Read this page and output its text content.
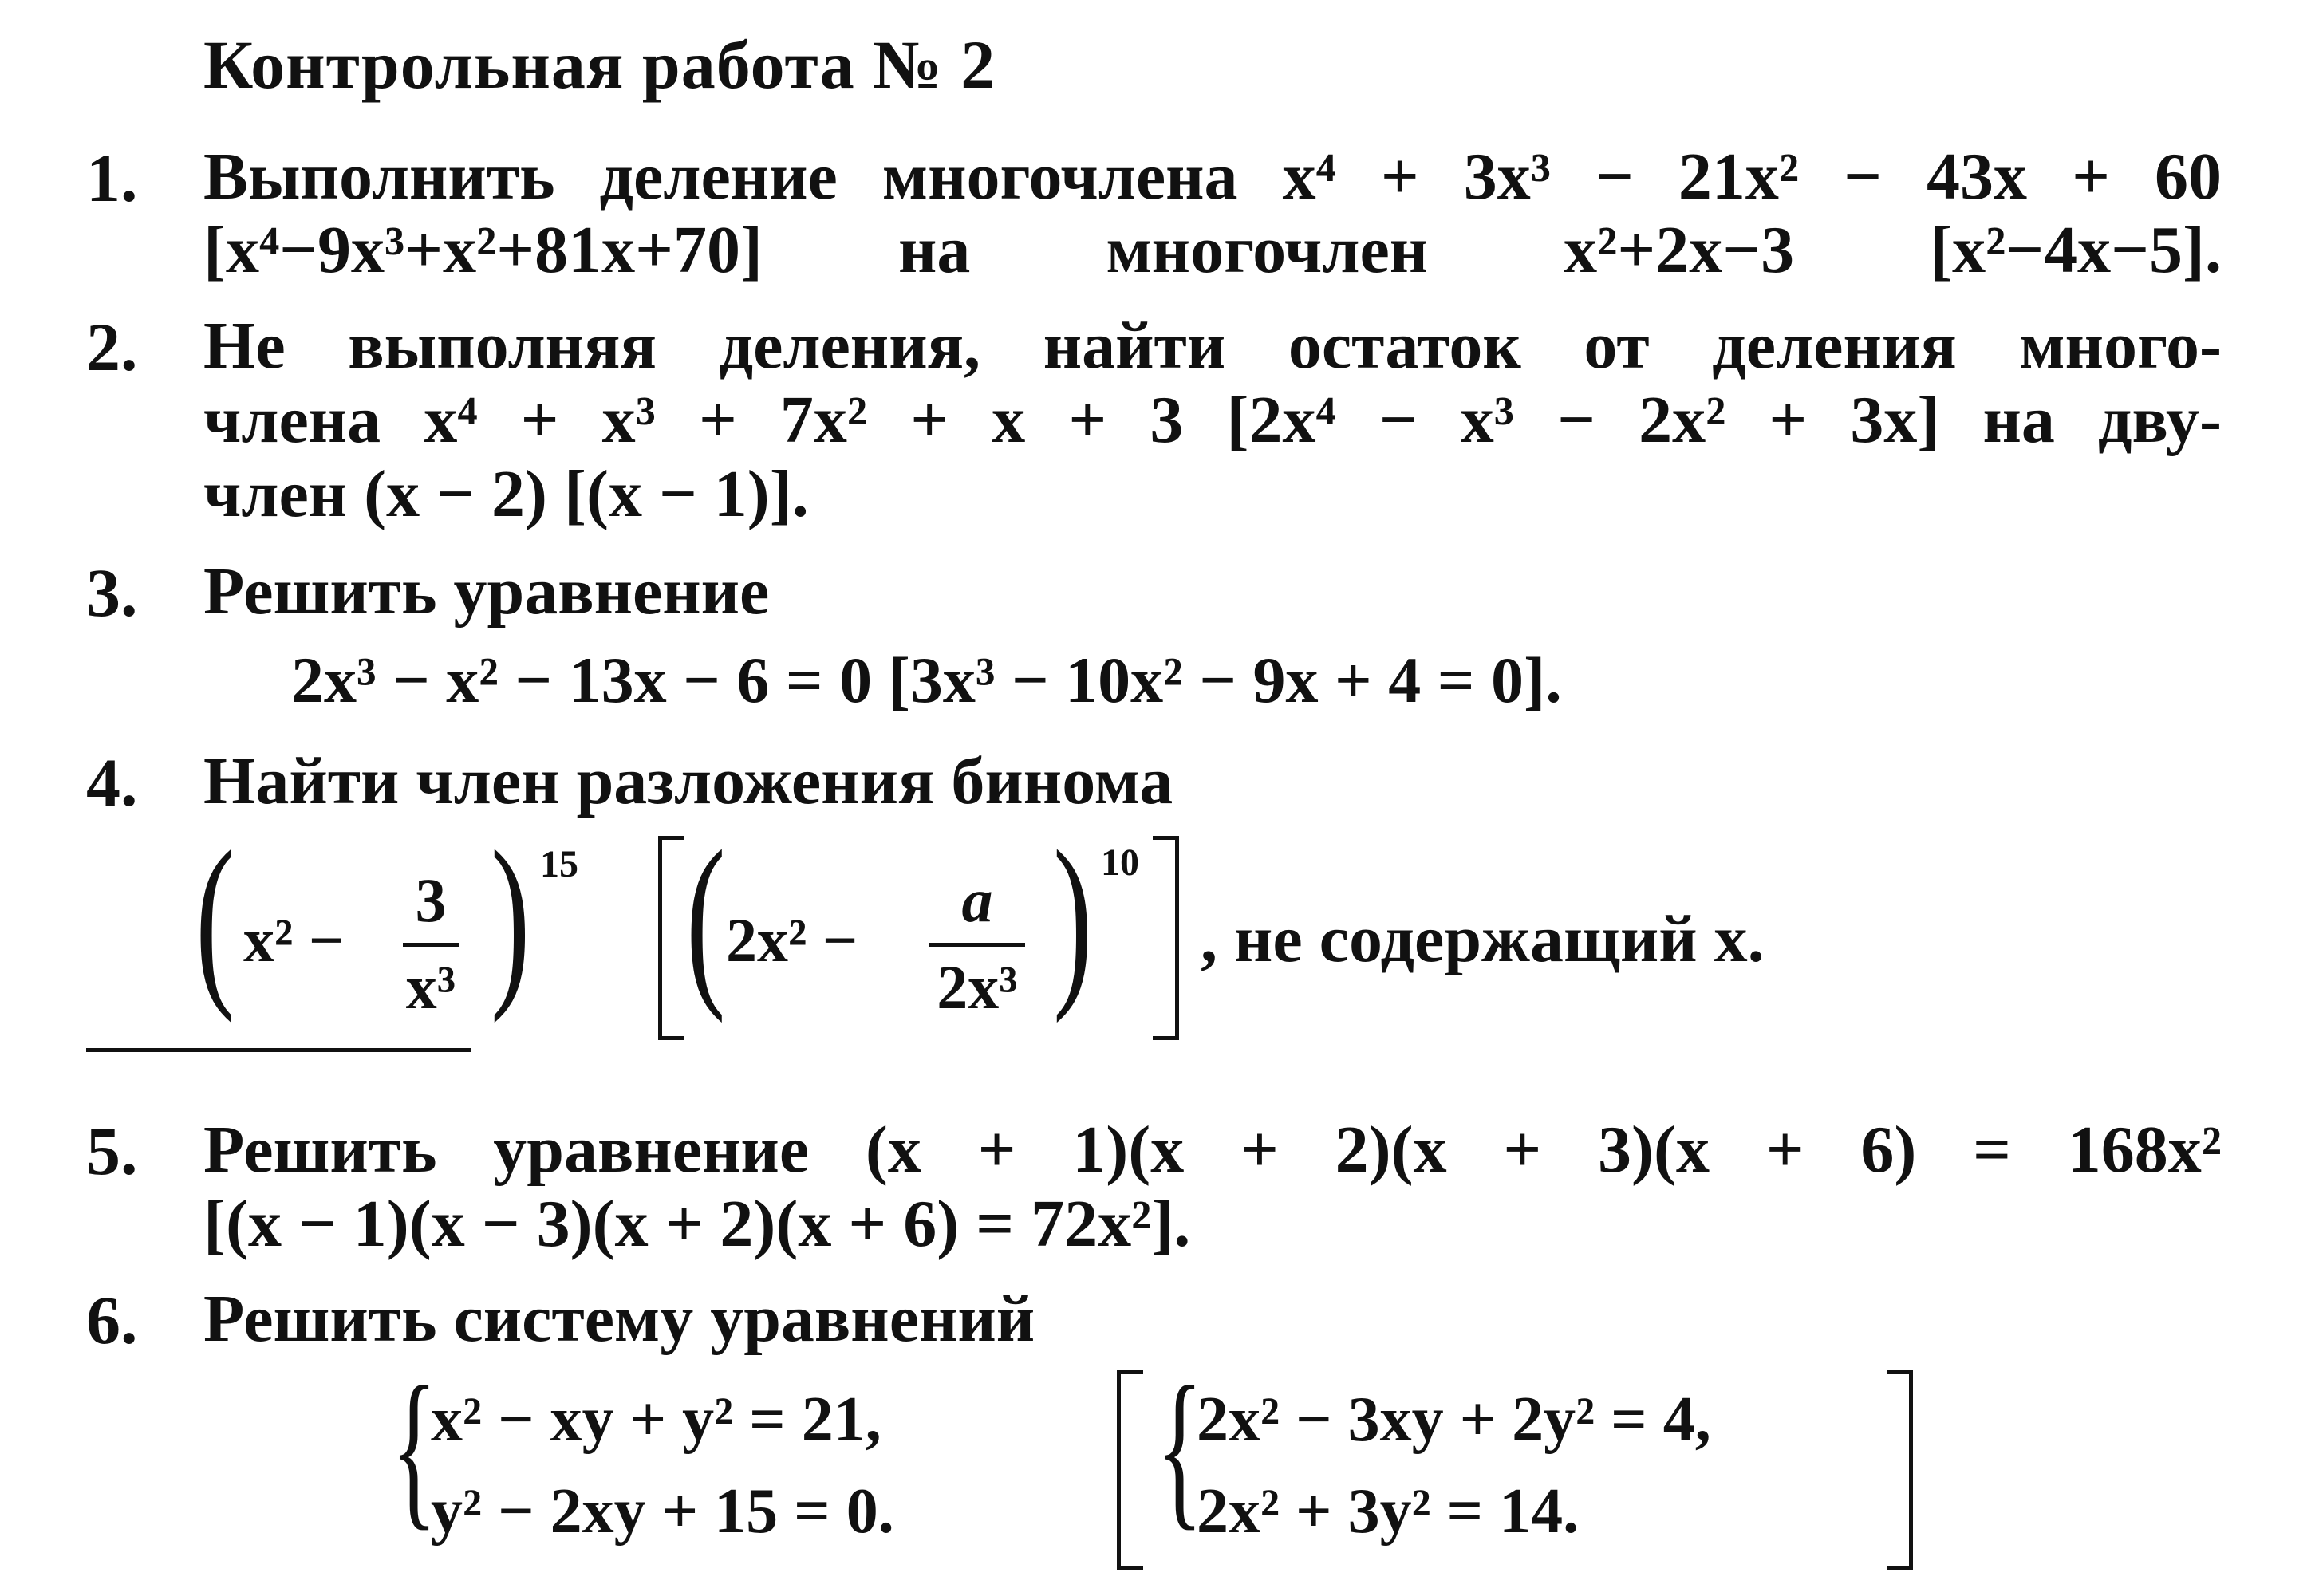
Контрольная работа № 2
1. Выполнить деление многочлена x⁴ + 3x³ − 21x² − 43x + 60
[x⁴−9x³+x²+81x+70] на многочлен x²+2x−3 [x²−4x−5].
2. Не выполняя деления, найти остаток от деления много-
члена x⁴ + x³ + 7x² + x + 3 [2x⁴ − x³ − 2x² + 3x] на дву-
член (x − 2) [(x − 1)].
3. Решить уравнение
2x³ − x² − 13x − 6 = 0 [3x³ − 10x² − 9x + 4 = 0].
4. Найти член разложения бинома
( x² −
3
x³ ) 15 ( 2x² −
a
2x³ ) 10
, не содержащий x.
5. Решить уравнение (x + 1)(x + 2)(x + 3)(x + 6) = 168x²
[(x − 1)(x − 3)(x + 2)(x + 6) = 72x²].
6. Решить систему уравнений
{
x² − xy + y² = 21,
y² − 2xy + 15 = 0. {
2x² − 3xy + 2y² = 4,
2x² + 3y² = 14.
